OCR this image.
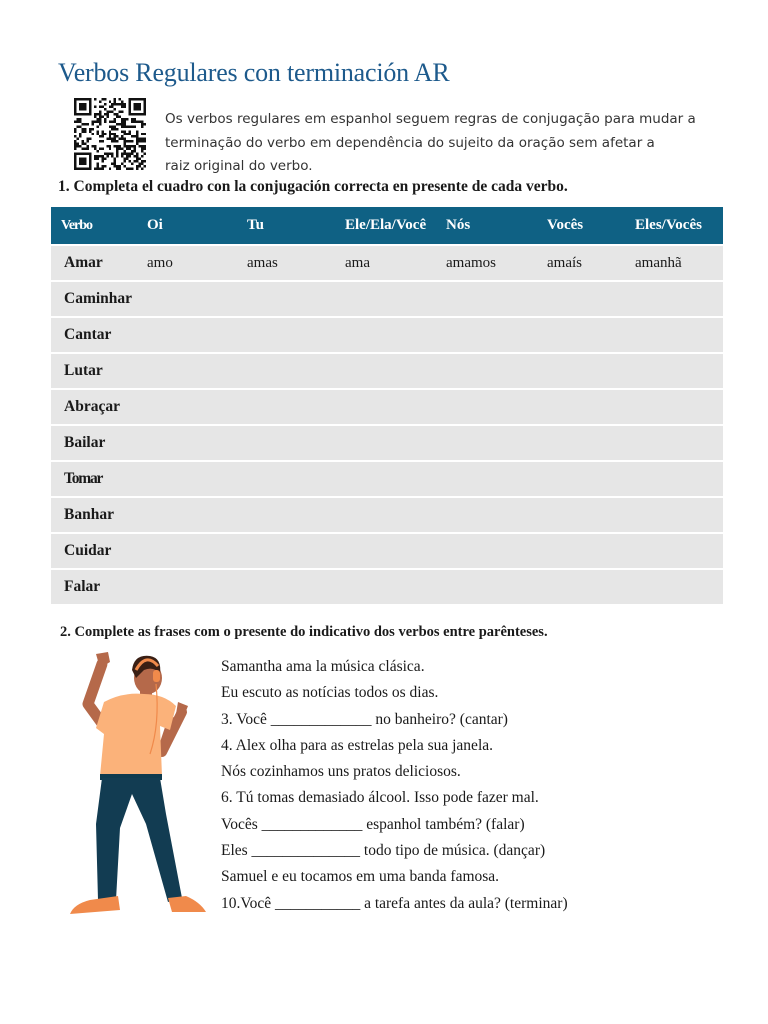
Verbos Regulares con terminación AR

Os verbos regulares em espanhol seguem regras de conjugação para mudar a
terminação do verbo em dependência do sujeito da oração sem afetar a
raiz original do verbo.

1. Completa el cuadro con la conjugación correcta en presente de cada verbo.

Verbo	Oi	Tu	Ele/Ela/Você	Nós	Vocês	Eles/Vocês
Amar	amo	amas	ama	amamos	amaís	amanhã
Caminhar						
Cantar						
Lutar						
Abraçar						
Bailar						
Tomar						
Banhar						
Cuidar						
Falar						

2. Complete as frases com o presente do indicativo dos verbos entre parênteses.

Samantha ama la música clásica.
Eu escuto as notícias todos os dias.
3. Você _____________ no banheiro? (cantar)
4. Alex olha para as estrelas pela sua janela.
Nós cozinhamos uns pratos deliciosos.
6. Tú tomas demasiado álcool. Isso pode fazer mal.
Vocês _____________ espanhol também? (falar)
Eles ______________ todo tipo de música. (dançar)
Samuel e eu tocamos em uma banda famosa.
10.Você ___________ a tarefa antes da aula? (terminar)
